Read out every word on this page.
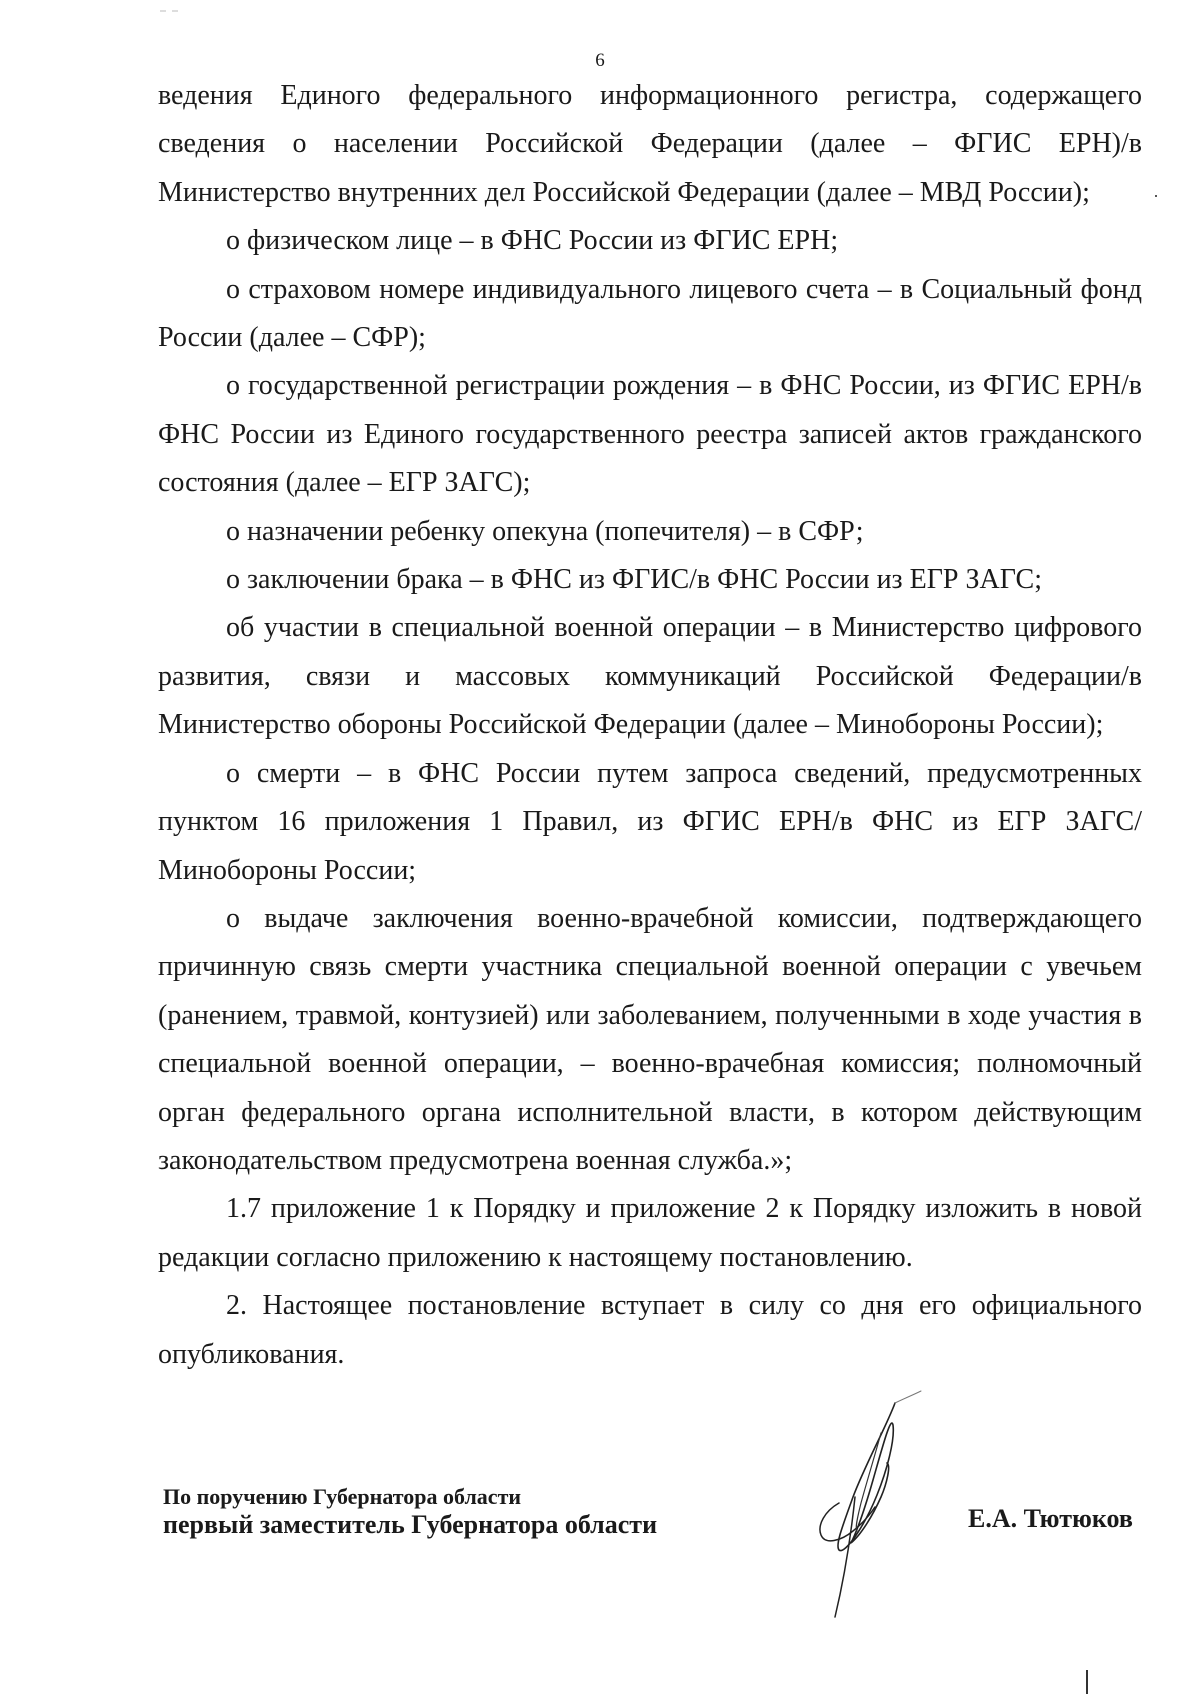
6

ведения Единого федерального информационного регистра, содержащего сведения о населении Российской Федерации (далее – ФГИС ЕРН)/в Министерство внутренних дел Российской Федерации (далее – МВД России);

о физическом лице – в ФНС России из ФГИС ЕРН;

о страховом номере индивидуального лицевого счета – в Социальный фонд России (далее – СФР);

о государственной регистрации рождения – в ФНС России, из ФГИС ЕРН/в ФНС России из Единого государственного реестра записей актов гражданского состояния (далее – ЕГР ЗАГС);

о назначении ребенку опекуна (попечителя) – в СФР;

о заключении брака – в ФНС из ФГИС/в ФНС России из ЕГР ЗАГС;

об участии в специальной военной операции – в Министерство цифрового развития, связи и массовых коммуникаций Российской Федерации/в Министерство обороны Российской Федерации (далее – Минобороны России);

о смерти – в ФНС России путем запроса сведений, предусмотренных пунктом 16 приложения 1 Правил, из ФГИС ЕРН/в ФНС из ЕГР ЗАГС/Минобороны России;

о выдаче заключения военно-врачебной комиссии, подтверждающего причинную связь смерти участника специальной военной операции с увечьем (ранением, травмой, контузией) или заболеванием, полученными в ходе участия в специальной военной операции, – военно-врачебная комиссия; полномочный орган федерального органа исполнительной власти, в котором действующим законодательством предусмотрена военная служба.»;

1.7 приложение 1 к Порядку и приложение 2 к Порядку изложить в новой редакции согласно приложению к настоящему постановлению.

2. Настоящее постановление вступает в силу со дня его официального опубликования.

По поручению Губернатора области
первый заместитель Губернатора области	Е.А. Тютюков
